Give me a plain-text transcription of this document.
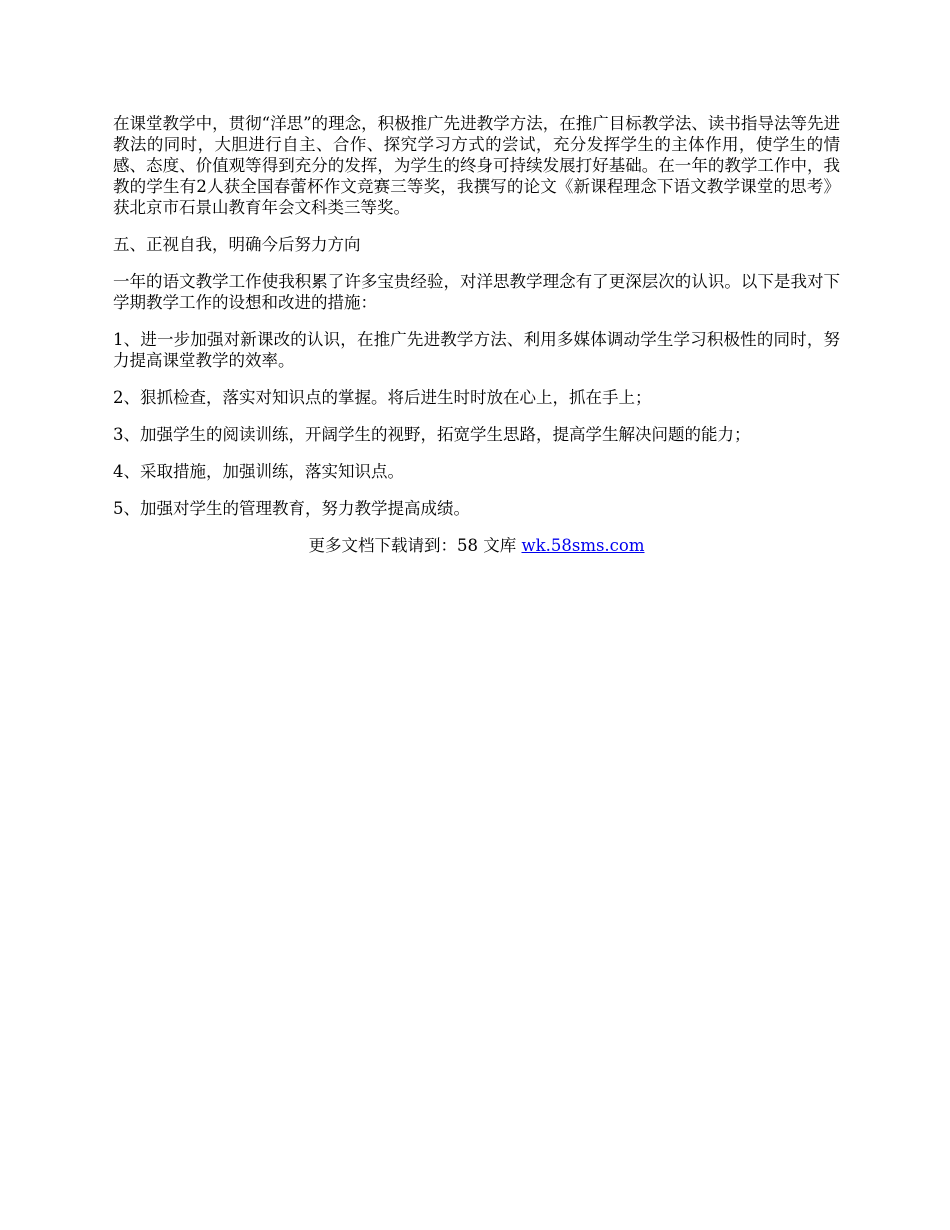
在课堂教学中，贯彻“洋思”的理念，积极推广先进教学方法，在推广目标教学法、读书指导法等先进教法的同时，大胆进行自主、合作、探究学习方式的尝试，充分发挥学生的主体作用，使学生的情感、态度、价值观等得到充分的发挥，为学生的终身可持续发展打好基础。在一年的教学工作中，我教的学生有2人获全国春蕾杯作文竞赛三等奖，我撰写的论文《新课程理念下语文教学课堂的思考》获北京市石景山教育年会文科类三等奖。

五、正视自我，明确今后努力方向

一年的语文教学工作使我积累了许多宝贵经验，对洋思教学理念有了更深层次的认识。以下是我对下学期教学工作的设想和改进的措施：

1、进一步加强对新课改的认识，在推广先进教学方法、利用多媒体调动学生学习积极性的同时，努力提高课堂教学的效率。

2、狠抓检查，落实对知识点的掌握。将后进生时时放在心上，抓在手上；

3、加强学生的阅读训练，开阔学生的视野，拓宽学生思路，提高学生解决问题的能力；

4、采取措施，加强训练，落实知识点。

5、加强对学生的管理教育，努力教学提高成绩。

更多文档下载请到：58 文库 wk.58sms.com
